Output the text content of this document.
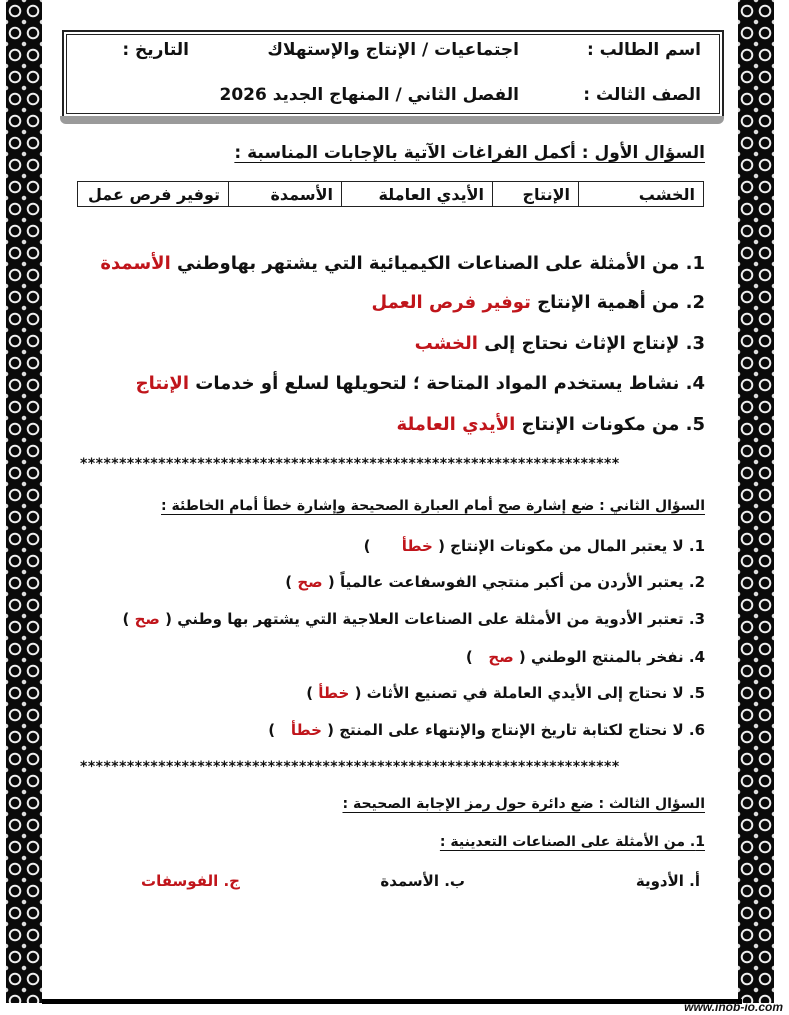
www.inob-io.com
اسم الطالب :
اجتماعيات / الإنتاج والإستهلاك
التاريخ :
الصف الثالث :
الفصل الثاني / المنهاج الجديد 2026
السؤال الأول : أكمل الفراغات الآتية بالإجابات المناسبة :
الخشب	الإنتاج	الأيدي العاملة	الأسمدة	توفير فرص عمل
1. من الأمثلة على الصناعات الكيميائية التي يشتهر بهاوطني الأسمدة
2. من أهمية الإنتاج توفير فرص العمل
3. لإنتاج الإثاث نحتاج إلى الخشب
4. نشاط يستخدم المواد المتاحة ؛ لتحويلها لسلع أو خدمات الإنتاج
5. من مكونات الإنتاج الأيدي العاملة
*********************************************************************
السؤال الثاني : ضع إشارة صح أمام العبارة الصحيحة وإشارة خطأ أمام الخاطئة :
1. لا يعتبر المال من مكونات الإنتاج ( خطأ      )
2. يعتبر الأردن من أكبر منتجي الفوسفاعت عالمياً ( صح )
3. تعتبر الأدوية من الأمثلة على الصناعات العلاجية التي يشتهر بها وطني ( صح )
4. نفخر بالمنتج الوطني ( صح   )
5. لا نحتاج إلى الأيدي العاملة في تصنيع الأثاث ( خطأ )
6. لا نحتاج لكتابة تاريخ الإنتاج والإنتهاء على المنتج ( خطأ   )
*********************************************************************
السؤال الثالث : ضع دائرة حول رمز الإجابة الصحيحة :
1. من الأمثلة على الصناعات التعدينية :
أ. الأدوية
ب. الأسمدة
ج. الفوسفات
